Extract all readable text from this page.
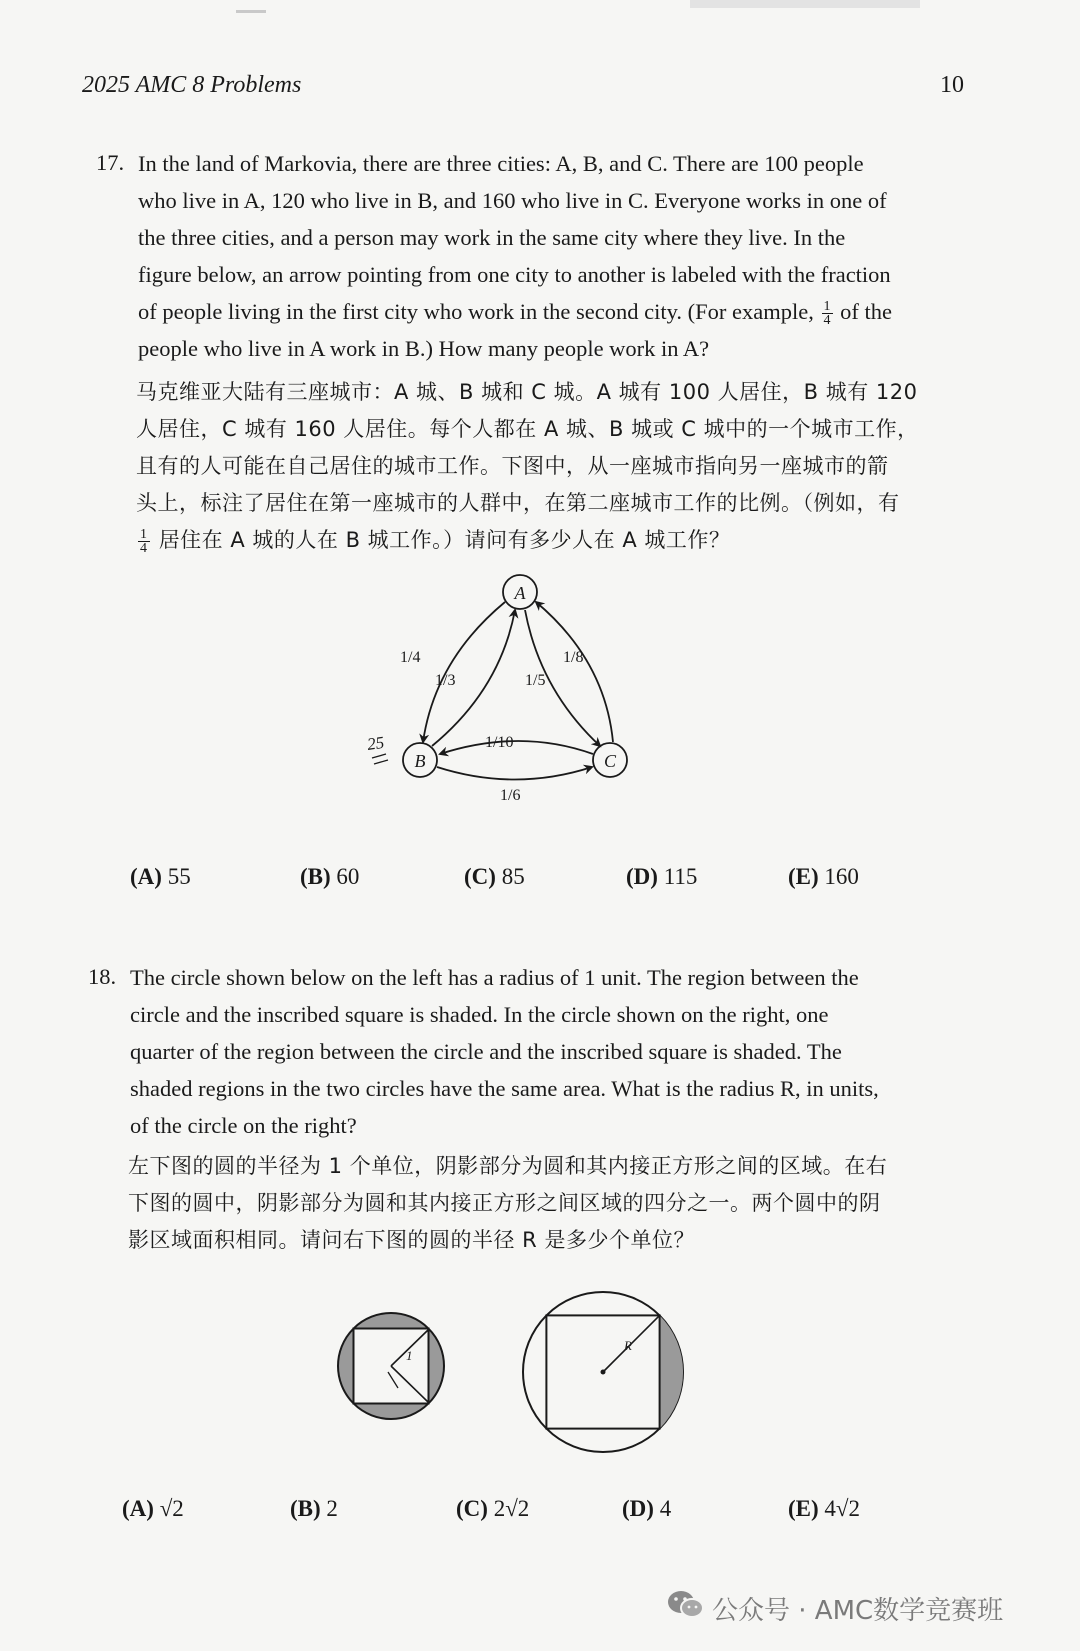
2025 AMC 8 Problems	10
17. In the land of Markovia, there are three cities: A, B, and C. There are 100 people
who live in A, 120 who live in B, and 160 who live in C. Everyone works in one of
the three cities, and a person may work in the same city where they live. In the
figure below, an arrow pointing from one city to another is labeled with the fraction
of people living in the first city who work in the second city. (For example, $\frac{1}{4}$ of the
people who live in A work in B.) How many people work in A?
马克维亚大陆有三座城市：A 城、B 城和 C 城。A 城有 100 人居住，B 城有 120
人居住，C 城有 160 人居住。每个人都在 A 城、B 城或 C 城中的一个城市工作，
且有的人可能在自己居住的城市工作。下图中，从一座城市指向另一座城市的箭
头上，标注了居住在第一座城市的人群中，在第二座城市工作的比例。（例如，有
$\frac{1}{4}$ 居住在 A 城的人在 B 城工作。）请问有多少人在 A 城工作？
A
B	C
1/4
1/3	1/5
1/8
1/10
1/6
25
(A) 55	(B) 60	(C) 85	(D) 115	(E) 160
18. The circle shown below on the left has a radius of 1 unit. The region between the
circle and the inscribed square is shaded. In the circle shown on the right, one
quarter of the region between the circle and the inscribed square is shaded. The
shaded regions in the two circles have the same area. What is the radius R, in units,
of the circle on the right?
左下图的圆的半径为 1 个单位，阴影部分为圆和其内接正方形之间的区域。在右
下图的圆中，阴影部分为圆和其内接正方形之间区域的四分之一。两个圆中的阴
影区域面积相同。请问右下图的圆的半径 R 是多少个单位？
1
R
(A) √2	(B) 2	(C) 2√2	(D) 4	(E) 4√2
公众号 · AMC数学竞赛班
